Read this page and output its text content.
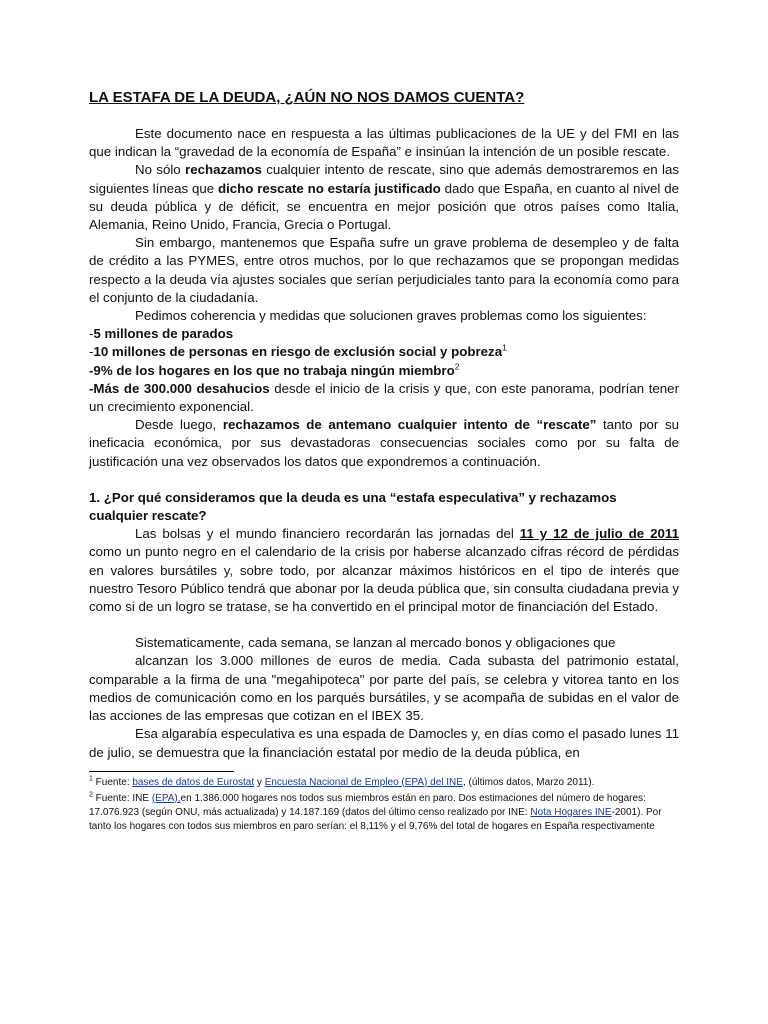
LA ESTAFA DE LA DEUDA, ¿AÚN NO NOS DAMOS CUENTA?

Este documento nace en respuesta a las últimas publicaciones de la UE y del FMI en las que indican la “gravedad de la economía de España” e insinúan la intención de un posible rescate.

No sólo rechazamos cualquier intento de rescate, sino que además demostraremos en las siguientes líneas que dicho rescate no estaría justificado dado que España, en cuanto al nivel de su deuda pública y de déficit, se encuentra en mejor posición que otros países como Italia, Alemania, Reino Unido, Francia, Grecia o Portugal.

Sin embargo, mantenemos que España sufre un grave problema de desempleo y de falta de crédito a las PYMES, entre otros muchos, por lo que rechazamos que se propongan medidas respecto a la deuda vía ajustes sociales que serían perjudiciales tanto para la economía como para el conjunto de la ciudadanía.

Pedimos coherencia y medidas que solucionen graves problemas como los siguientes:

-5 millones de parados

-10 millones de personas en riesgo de exclusión social y pobreza$^1$

-9% de los hogares en los que no trabaja ningún miembro$^2$

-Más de 300.000 desahucios desde el inicio de la crisis y que, con este panorama, podrían tener un crecimiento exponencial.

Desde luego, rechazamos de antemano cualquier intento de “rescate” tanto por su ineficacia económica, por sus devastadoras consecuencias sociales como por su falta de justificación una vez observados los datos que expondremos a continuación.

1. ¿Por qué consideramos que la deuda es una “estafa especulativa” y rechazamos cualquier rescate?

Las bolsas y el mundo financiero recordarán las jornadas del 11 y 12 de julio de 2011 como un punto negro en el calendario de la crisis por haberse alcanzado cifras récord de pérdidas en valores bursátiles y, sobre todo, por alcanzar máximos históricos en el tipo de interés que nuestro Tesoro Público tendrá que abonar por la deuda pública que, sin consulta ciudadana previa y como si de un logro se tratase, se ha convertido en el principal motor de financiación del Estado.

Sistematicamente, cada semana, se lanzan al mercado bonos y obligaciones que

alcanzan los 3.000 millones de euros de media. Cada subasta del patrimonio estatal, comparable a la firma de una "megahipoteca" por parte del país, se celebra y vitorea tanto en los medios de comunicación como en los parqués bursátiles, y se acompaña de subidas en el valor de las acciones de las empresas que cotizan en el IBEX 35.

Esa algarabía especulativa es una espada de Damocles y, en días como el pasado lunes 11 de julio, se demuestra que la financiación estatal por medio de la deuda pública, en

$^1$ Fuente: bases de datos de Eurostat y Encuesta Nacional de Empleo (EPA) del INE, (últimos datos, Marzo 2011).

$^2$ Fuente: INE (EPA),en 1.386.000 hogares nos todos sus miembros están en paro. Dos estimaciones del número de hogares: 17.076.923 (según ONU, más actualizada) y 14.187.169 (datos del último censo realizado por INE: Nota Hogares INE-2001). Por tanto los hogares con todos sus miembros en paro serían: el 8,11% y el 9,76% del total de hogares en España respectivamente
